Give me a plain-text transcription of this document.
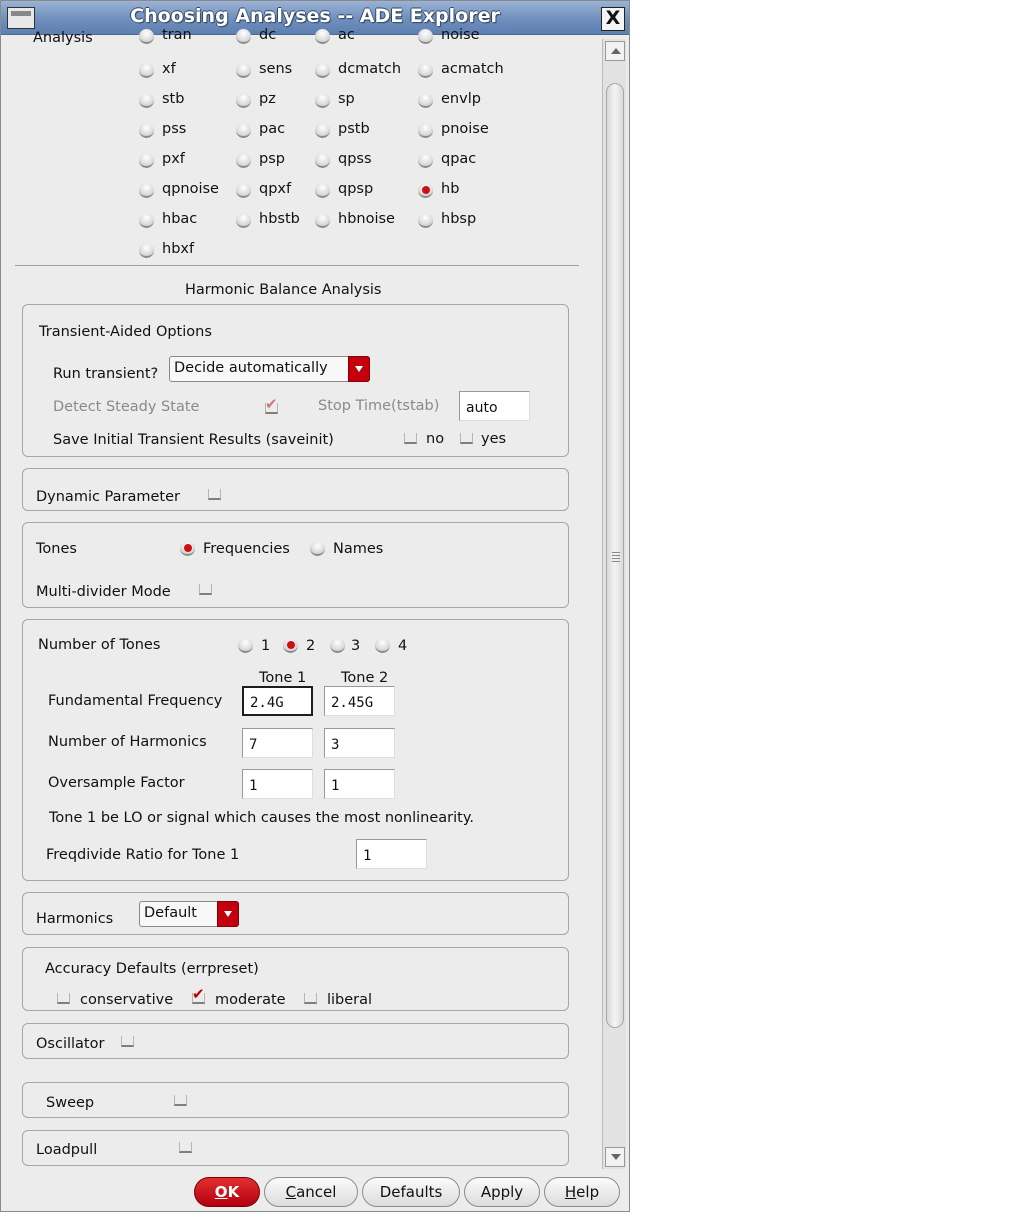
Choosing Analyses -- ADE Explorer	X
Analysis	tran	dc	ac	noise
xf	sens	dcmatch	acmatch
stb	pz	sp	envlp
pss	pac	pstb	pnoise
pxf	psp	qpss	qpac
qpnoise	qpxf	qpsp	hb
hbac	hbstb	hbnoise	hbsp
hbxf
Harmonic Balance Analysis
Transient-Aided Options
Run transient?	Decide automatically
Detect Steady State ✔	Stop Time(tstab)	auto
Save Initial Transient Results (saveinit)	no	yes
Dynamic Parameter
Tones	Frequencies	Names
Multi-divider Mode
Number of Tones	1 2 3	4
Tone 1 Tone 2
Fundamental Frequency	2.4G	2.45G
Number of Harmonics	7	3
Oversample Factor	1	1
Tone 1 be LO or signal which causes the most nonlinearity.
Freqdivide Ratio for Tone 1	1
Harmonics	Default
Accuracy Defaults (errpreset)
conservative ✔	moderate	liberal
Oscillator
Sweep
Loadpull
OK	Cancel	Defaults	Apply	Help
